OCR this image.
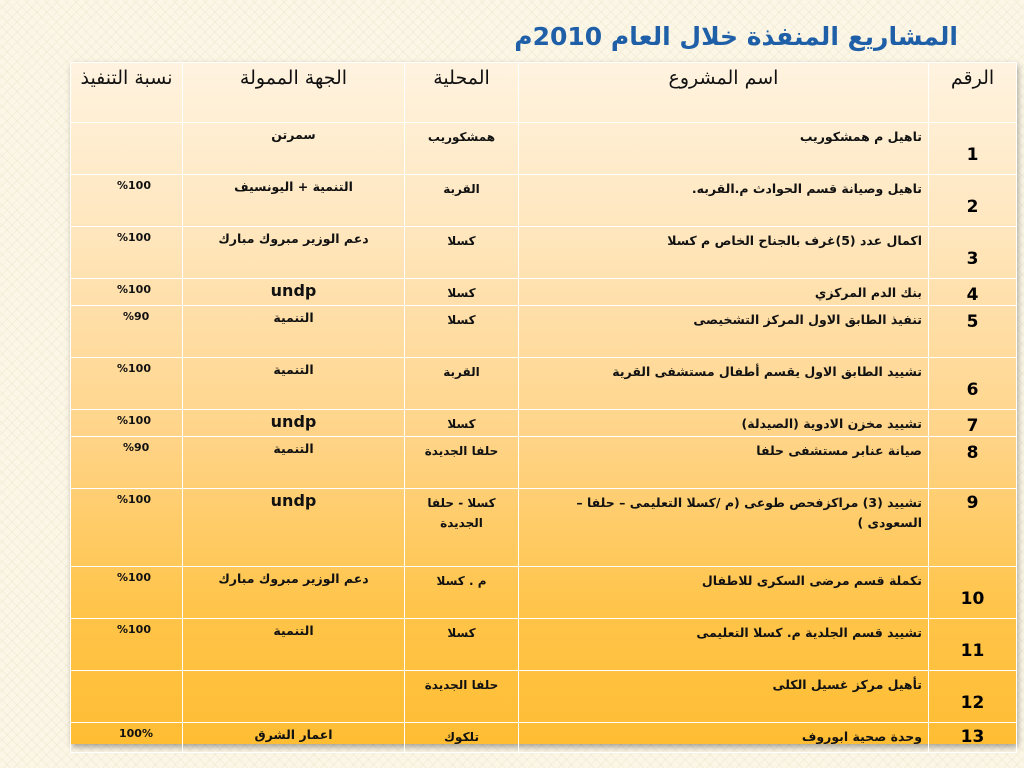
المشاريع المنفذة خلال العام 2010م
الرقم	اسم المشروع	المحلية	الجهة الممولة	نسبة التنفيذ
1	تاهيل م همشكوريب	همشكوريب	سمرتن	
2	تاهيل وصيانة قسم الحوادث م.القربه.	القربة	التنمية + اليونسيف	%100
3	اكمال عدد (5)غرف بالجناح الخاص م كسلا	كسلا	دعم الوزير مبروك مبارك	%100
4	بنك الدم المركزي	كسلا	undp	%100
5	تنفيذ الطابق الاول المركز التشخيصى	كسلا	التنمية	%90
6	تشييد الطابق الاول يقسم أطفال مستشفى القرية	القربة	التنمية	%100
7	تشييد مخزن الادوية (الصيدلة)	كسلا	undp	%100
8	صيانة عنابر مستشفى حلفا	حلفا الجديدة	التنمية	%90
9	تشييد (3) مراكزفحص طوعى (م /كسلا التعليمى – حلفا – السعودى )	كسلا - حلفا الجديدة	undp	%100
10	تكملة قسم مرضى السكرى للاطفال	م . كسلا	دعم الوزير مبروك مبارك	%100
11	تشييد قسم الجلدية م. كسلا التعليمى	كسلا	التنمية	%100
12	تأهيل مركز غسيل الكلى	حلفا الجديدة		
13	وحدة صحية ابوروف	تلكوك	اعمار الشرق	100%
